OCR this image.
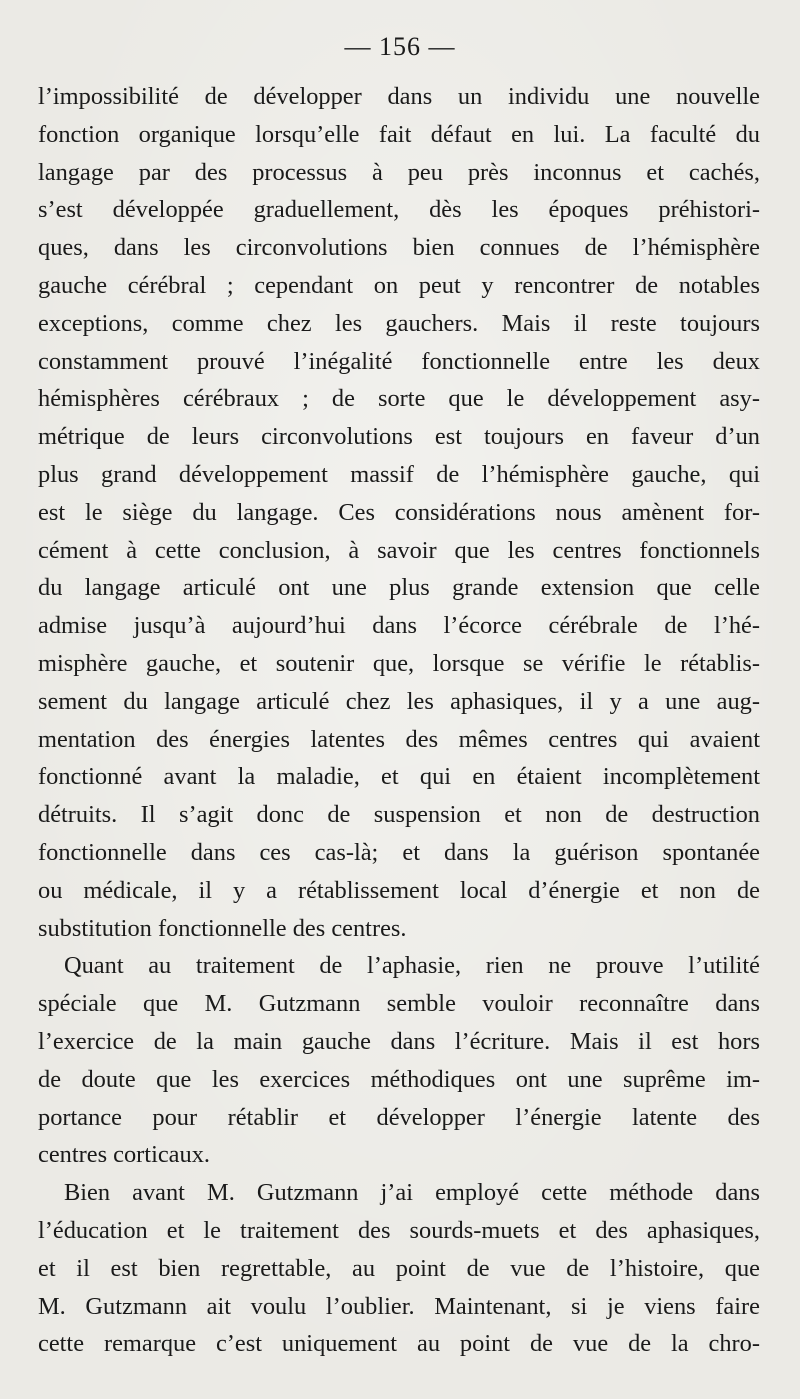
— 156 —
l’impossibilité de développer dans un individu une nouvelle
fonction organique lorsqu’elle fait défaut en lui. La faculté du
langage par des processus à peu près inconnus et cachés,
s’est développée graduellement, dès les époques préhistori-
ques, dans les circonvolutions bien connues de l’hémisphère
gauche cérébral ; cependant on peut y rencontrer de notables
exceptions, comme chez les gauchers. Mais il reste toujours
constamment prouvé l’inégalité fonctionnelle entre les deux
hémisphères cérébraux ; de sorte que le développement asy-
métrique de leurs circonvolutions est toujours en faveur d’un
plus grand développement massif de l’hémisphère gauche, qui
est le siège du langage. Ces considérations nous amènent for-
cément à cette conclusion, à savoir que les centres fonctionnels
du langage articulé ont une plus grande extension que celle
admise jusqu’à aujourd’hui dans l’écorce cérébrale de l’hé-
misphère gauche, et soutenir que, lorsque se vérifie le rétablis-
sement du langage articulé chez les aphasiques, il y a une aug-
mentation des énergies latentes des mêmes centres qui avaient
fonctionné avant la maladie, et qui en étaient incomplètement
détruits. Il s’agit donc de suspension et non de destruction
fonctionnelle dans ces cas-là; et dans la guérison spontanée
ou médicale, il y a rétablissement local d’énergie et non de
substitution fonctionnelle des centres.
Quant au traitement de l’aphasie, rien ne prouve l’utilité
spéciale que M. Gutzmann semble vouloir reconnaître dans
l’exercice de la main gauche dans l’écriture. Mais il est hors
de doute que les exercices méthodiques ont une suprême im-
portance pour rétablir et développer l’énergie latente des
centres corticaux.
Bien avant M. Gutzmann j’ai employé cette méthode dans
l’éducation et le traitement des sourds-muets et des aphasiques,
et il est bien regrettable, au point de vue de l’histoire, que
M. Gutzmann ait voulu l’oublier. Maintenant, si je viens faire
cette remarque c’est uniquement au point de vue de la chro-
